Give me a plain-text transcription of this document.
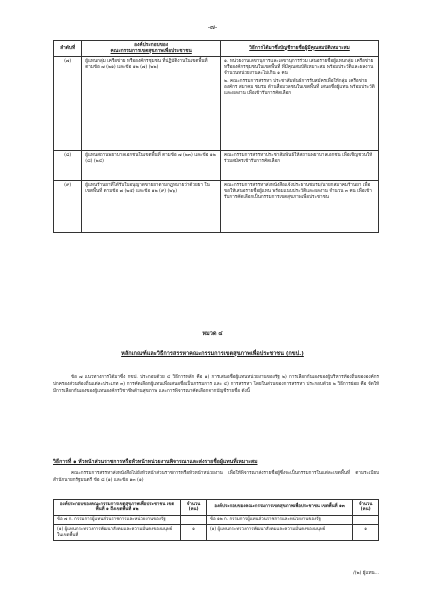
-๗-
ลำดับที่	องค์ประกอบของ
คณะกรรมการเขตสุขภาพเพื่อประชาชน	วิธีการได้มาซึ่งบัญชีรายชื่อผู้มีคุณสมบัติเหมาะสม
(๗)	ผู้แทนกลุ่ม เครือข่าย หรือองค์กรชุมชน ที่ปฏิบัติงานในเขตพื้นที่ ตามข้อ ๗ (๒๑) และข้อ ๑๒ (๗) (๒๒)	๑. หน่วยงานเลขานุการและเลขานุการร่วม เสนอรายชื่อผู้แทนกลุ่ม เครือข่าย หรือองค์กรชุมชนในเขตพื้นที่ ที่มีคุณสมบัติเหมาะสม พร้อมประวัติและผลงาน จำนวนหน่วยงานละไม่เกิน ๑ คน
๒. คณะกรรมการสรรหา ประชาสัมพันธ์การรับสมัครเพื่อให้กลุ่ม เครือข่าย องค์กร สมาคม ชมรม ด้านสื่อมวลชนในเขตพื้นที่ เสนอชื่อผู้แทน พร้อมประวัติและผลงาน เพื่อเข้ารับการคัดเลือก

(๘)	ผู้แทนสถานพยาบาลเอกชนในเขตพื้นที่ ตามข้อ ๗ (๒๓) และข้อ ๑๒ (๘) (๒๔)	คณะกรรมการสรรหาประชาสัมพันธ์ให้สถานพยาบาลเอกชน เพื่อเชิญชวนให้ร่วมสมัครเข้ารับการคัดเลือก
(๙)	ผู้แทนร้านยาที่ได้รับใบอนุญาตขายยาตามกฎหมายว่าด้วยยา ในเขตพื้นที่ ตามข้อ ๗ (๒๕) และข้อ ๑๒ (๙) (๒๖)	คณะกรรมการสรรหาส่งหนังสือแจ้งประธานชมรม/นายกสมาคมร้านยา เพื่อขอให้เสนอรายชื่อผู้แทน พร้อมแนบประวัติและผลงาน จำนวน ๓ คน เพื่อเข้ารับการคัดเลือกเป็นกรรมการเขตสุขภาพเพื่อประชาชน
หมวด ๔
หลักเกณฑ์และวิธีการสรรหาคณะกรรมการเขตสุขภาพเพื่อประชาชน (กขป.)
ข้อ ๗ แนวทางการได้มาซึ่ง กขป. ประกอบด้วย ๔ วิธีการหลัก คือ ๑) การเสนอชื่อผู้แทนหน่วยงานของรัฐ ๒) การเลือกกันเองของผู้บริหารท้องถิ่นขององค์กรปกครองส่วนท้องถิ่นแต่ละประเภท ๓) การคัดเลือกผู้แทนเพื่อเสนอชื่อเป็นกรรมการ และ ๔) การสรรหา โดยในส่วนของการสรรหา ประกอบด้วย ๒ วิธีการย่อย คือ จัดให้มีการเลือกกันเองของผู้แทนองค์กรวิชาชีพด้านสุขภาพ และการพิจารณาคัดเลือกจากบัญชีรายชื่อ ดังนี้
วิธีการที่ ๑ หัวหน้าส่วนราชการหรือหัวหน้าหน่วยงานพิจารณาและส่งรายชื่อผู้แทนที่เหมาะสม
คณะกรรมการสรรหาส่งหนังสือไปยังหัวหน้าส่วนราชการหรือหัวหน้าหน่วยงาน เพื่อให้พิจารณาส่งรายชื่อผู้ซึ่งจะเป็นกรรมการในแต่ละเขตพื้นที่ ตามระเบียบสำนักนายกรัฐมนตรี ข้อ ๘ (๑) และข้อ ๑๓ (๑)
องค์ประกอบของคณะกรรมการเขตสุขภาพเพื่อประชาชน เขตพื้นที่ ๑ ถึงเขตพื้นที่ ๑๒	จำนวน (คน)	องค์ประกอบของคณะกรรมการเขตสุขภาพเพื่อประชาชน เขตพื้นที่ ๑๓	จำนวน (คน)
ข้อ ๗ ก. กรรมการผู้แทนส่วนราชการและหน่วยงานของรัฐ		ข้อ ๑๒ ก. กรรมการผู้แทนส่วนราชการและหน่วยงานของรัฐ	
(๑) ผู้แทนกระทรวงการพัฒนาสังคมและความมั่นคงของมนุษย์ ในเขตพื้นที่	๑	(๑) ผู้แทนกระทรวงการพัฒนาสังคมและความมั่นคงของมนุษย์	๑
/(๒) ผู้แทน...
